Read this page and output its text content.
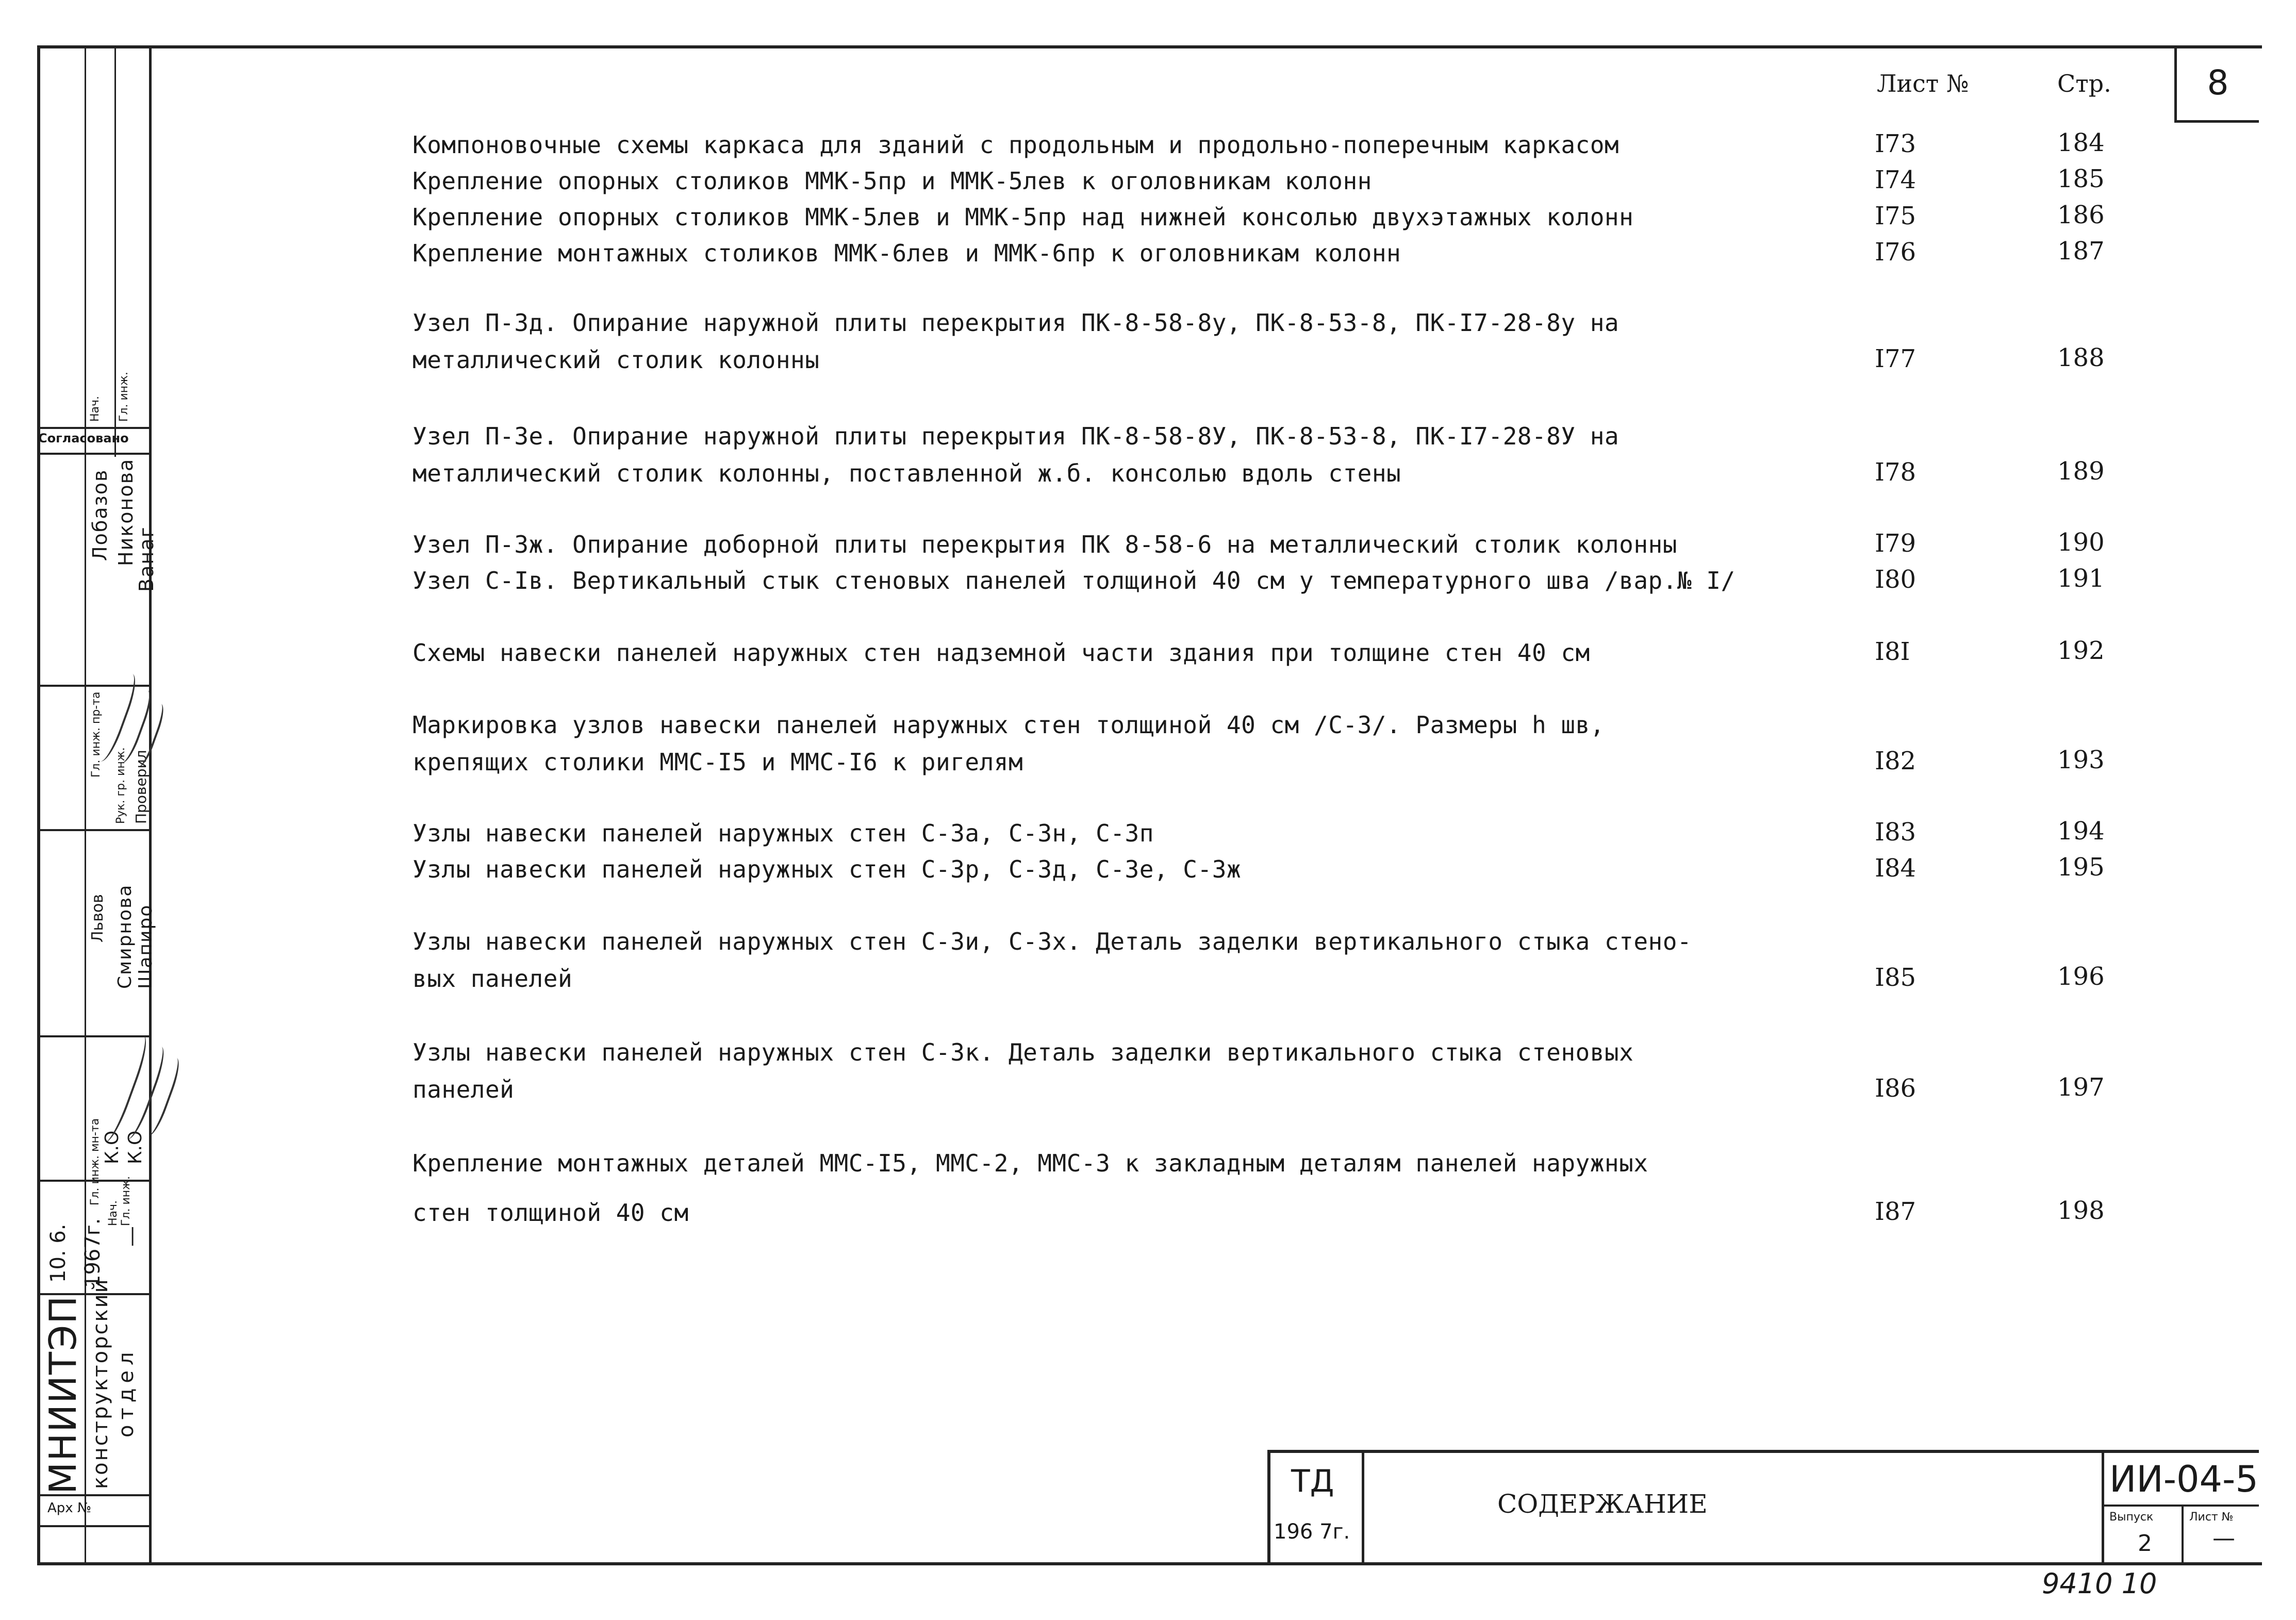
МНИИТЭП конструкторский отдел
Арх №
10. 6. 1967г. —
Нач. Гл. инж.
Согласовано
Гл. инж. пр-та
Рук. гр. инж. Проверил
Гл. инж. мн-та
Нач. Гл. инж.
Лобазов Никонова
Ванаг
Львов Смирнова Шапиро
К.О К.О
8
Лист №	Стр.
Компоновочные схемы каркаса для зданий с продольным и продольно-поперечным каркасом	I73	184
Крепление опорных столиков ММК-5пр и ММК-5лев к оголовникам колонн	I74	185
Крепление опорных столиков ММК-5лев и ММК-5пр над нижней консолью двухэтажных колонн	I75	186
Крепление монтажных столиков ММК-6лев и ММК-6пр к оголовникам колонн	I76	187
Узел П-3д. Опирание наружной плиты перекрытия ПК-8-58-8у, ПК-8-53-8, ПК-I7-28-8у на
металлический столик колонны	I77	188
Узел П-3е. Опирание наружной плиты перекрытия ПК-8-58-8У, ПК-8-53-8, ПК-I7-28-8У на
металлический столик колонны, поставленной ж.б. консолью вдоль стены	I78	189
Узел П-3ж. Опирание доборной плиты перекрытия ПК 8-58-6 на металлический столик колонны	I79	190
Узел С-Iв. Вертикальный стык стеновых панелей толщиной 40 см у температурного шва /вар.№ I/	I80	191
Схемы навески панелей наружных стен надземной части здания при толщине стен 40 см	I8I	192
Маркировка узлов навески панелей наружных стен толщиной 40 см /С-3/. Размеры h шв,
крепящих столики ММС-I5 и ММС-I6 к ригелям	I82	193
Узлы навески панелей наружных стен С-3а, С-3н, С-3п	I83	194
Узлы навески панелей наружных стен С-3р, С-3д, С-3е, С-3ж	I84	195
Узлы навески панелей наружных стен С-3и, С-3х. Деталь заделки вертикального стыка стено-
вых панелей	I85	196
Узлы навески панелей наружных стен С-3к. Деталь заделки вертикального стыка стеновых
панелей	I86	197
Крепление монтажных деталей ММС-I5, ММС-2, ММС-3 к закладным деталям панелей наружных
стен толщиной 40 см	I87	198
ТД
196 7г.
СОДЕРЖАНИЕ
ИИ-04-5
Выпуск	Лист №
2	—
9410 10
